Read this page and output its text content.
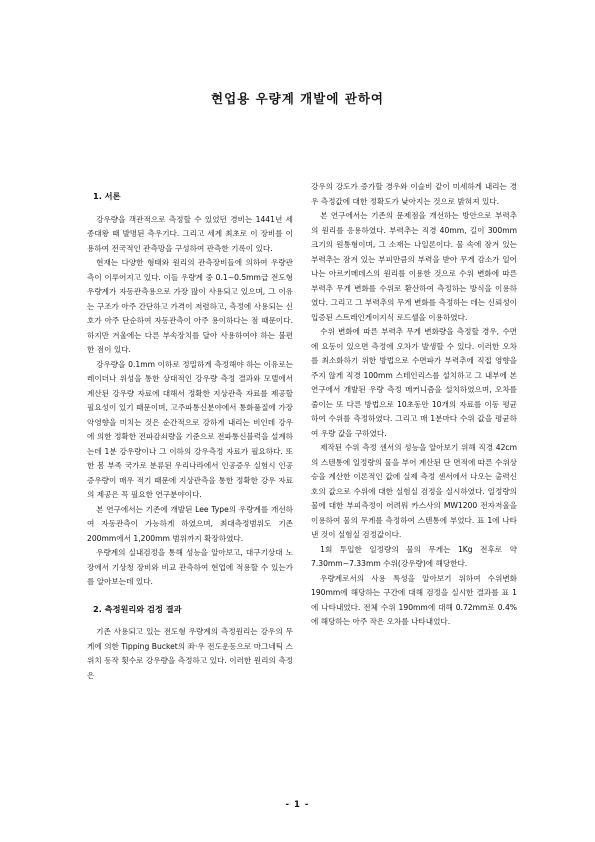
현업용 우량계 개발에 관하여
1. 서론

강우량을 객관적으로 측정할 수 있었던 경비는 1441년 세종대왕 때 발명된 측우기다. 그리고 세계 최초로 이 장비를 이용하여 전국적인 관측망을 구성하여 관측한 기록이 있다.

현재는 다양한 형태와 원리의 관측장비들에 의하여 우량관측이 이루어지고 있다. 이들 우량계 중 0.1∼0.5mm급 전도형 우량계가 자동관측용으로 가장 많이 사용되고 있으며, 그 이유는 구조가 아주 간단하고 가격이 저렴하고, 측정에 사용되는 신호가 아주 단순하여 자동관측이 아주 용이하다는 점 때문이다. 하지만 겨울에는 다른 부속장치를 달아 사용하여야 하는 불편한 점이 있다.

강우량을 0.1mm 이하로 정밀하게 측정해야 하는 이유로는 레이더나 위성을 통한 상대적인 강우량 측정 결과와 모델에서 계산된 강우량 자료에 대해서 정확한 지상관측 자료를 제공할 필요성이 있기 때문이며, 고주파통신분야에서 통화품질에 가장 악영향을 미치는 것은 순간적으로 강하게 내리는 비인데 강우에 의한 정확한 전파감쇠량을 기준으로 전파통신블럭을 설계하는데 1분 강우량이나 그 이하의 강우측정 자료가 필요하다. 또한 봄 부족 국가로 분류된 우리나라에서 인공증우 실험시 인공증우량이 매우 적기 때문에 지상관측을 통한 정확한 강우 자료의 제공은 꼭 필요한 연구분야이다.

본 연구에서는 기존에 개발된 Lee Type의 우량계를 개선하여 자동관측이 가능하게 하였으며, 최대측정범위도 기존 200mm에서 1,200mm 범위까지 확장하였다.

우량계의 실내검정을 통해 성능을 알아보고, 대구기상대 노장에서 기상청 장비와 비교 관측하여 현업에 적용할 수 있는가를 알아보는데 있다.

2. 측정원리와 검정 결과

기존 사용되고 있는 전도형 우량계의 측정원리는 강우의 무게에 의한 Tipping Bucket의 좌·우 전도운동으로 마그네틱 스위치 동작 횟수로 강우량을 측정하고 있다. 이러한 원리의 측정은

강우의 강도가 증가할 경우와 이슬비 같이 미세하게 내리는 경우 측정값에 대한 정확도가 낮아지는 것으로 밝혀져 있다.

본 연구에서는 기존의 문제점을 개선하는 방안으로 부력추의 원리를 응용하였다. 부력추는 직경 40mm, 길이 300mm 크기의 원통형이며, 그 소재는 나일론이다. 물 속에 잠겨 있는 부력추는 잠겨 있는 부피만큼의 부력을 받아 무게 감소가 일어나는 아르키메데스의 원리를 이용한 것으로 수위 변화에 따른 부력추 무게 변화를 수위로 환산하여 측정하는 방식을 이용하였다. 그리고 그 부력추의 무게 변화를 측정하는 데는 신뢰성이 입증된 스트레인게이지식 로드셀을 이용하였다.

수위 변화에 따른 부력추 무게 변화량을 측정할 경우, 수면에 요동이 있으면 측정에 오차가 발생할 수 있다. 이러한 오차를 최소화하기 위한 방법으로 수면파가 부력추에 직접 영향을 주지 않게 직경 100mm 스테인리스를 설치하고 그 내부에 본 연구에서 개발된 우량 측정 메커니즘을 설치하였으며, 오차를 줄이는 또 다른 방법으로 10초동안 10개의 자료를 이동 평균하여 수위를 측정하였다. 그리고 매 1분마다 수위 값을 평균하여 우량 값을 구하였다.

제작된 수위 측정 센서의 성능을 알아보기 위해 직경 42cm의 스텐통에 일정량의 물을 부어 계산된 단 면적에 따른 수위상승을 계산한 이론적인 값에 실제 측정 센서에서 나오는 출력신호의 값으로 수위에 대한 실험실 검정을 실시하였다. 일정량의 물에 대한 부피측정이 어려워 카스사의 MW1200 전자저울을 이용하여 물의 무게를 측정하여 스텐통에 부었다. 표 1에 나타낸 것이 실험실 검정값이다.

1회 투입한 일정량의 물의 무게는 1Kg 전후로 약 7.30mm∼7.33mm 수위(강우량)에 해당한다.

우량계로서의 사용 특성을 알아보기 위하여 수위변화 190mm에 해당하는 구간에 대해 검정을 실시한 결과를 표 1 에 나타내었다. 전체 수위 190mm에 대해 0.72mm로 0.4%에 해당하는 아주 작은 오차를 나타내었다.

- 1 -
